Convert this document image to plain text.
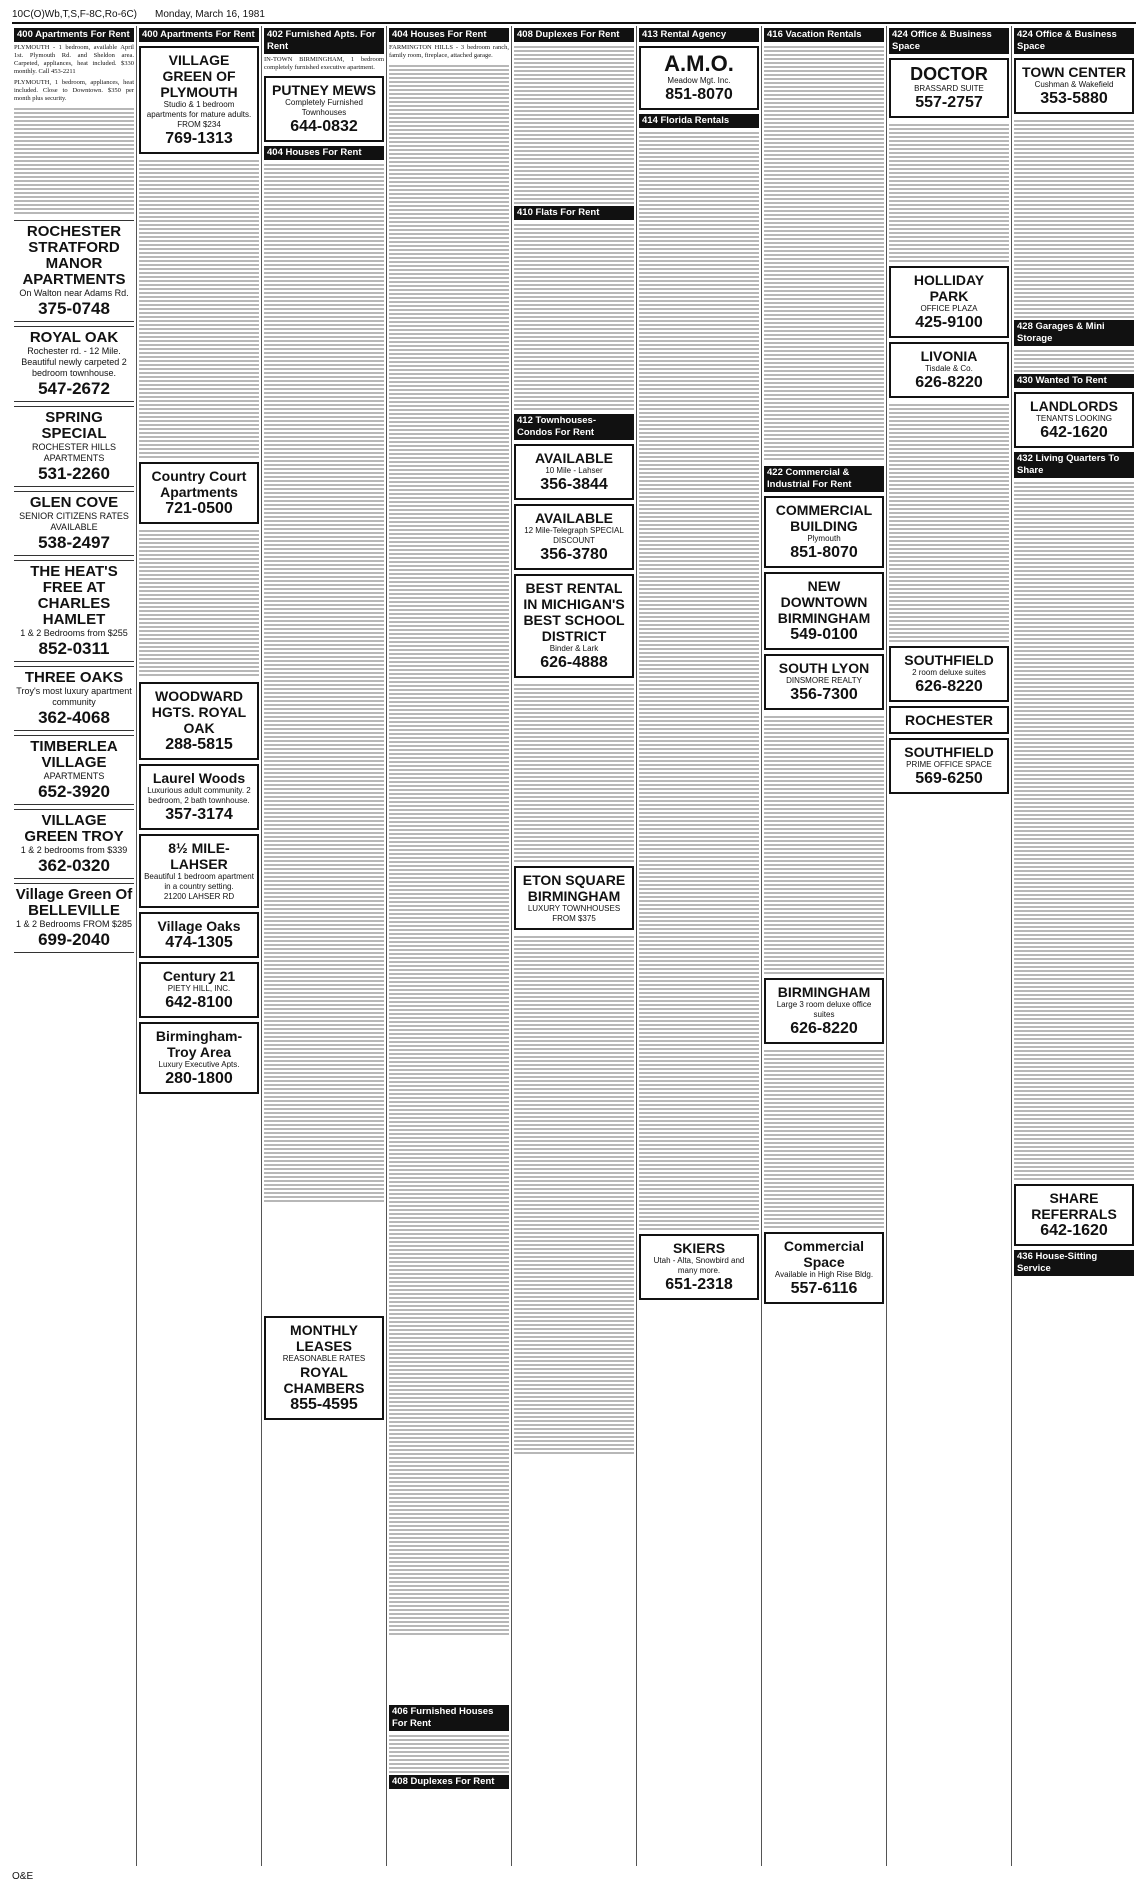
10C(O)Wb,T,S,F-8C,Ro-6C) Monday, March 16, 1981
400 Apartments For Rent
PLYMOUTH - 1 bedroom, available April 1st. Plymouth Rd. and Sheldon area. Carpeted, appliances, heat included. $330 monthly. Call 453-2211
PLYMOUTH, 1 bedroom, appliances, heat included. Close to Downtown. $350 per month plus security.
ROCHESTER STRATFORD MANOR APARTMENTS
On Walton near Adams Rd.
375-0748
ROYAL OAK
Rochester rd. - 12 Mile. Beautiful newly carpeted 2 bedroom townhouse.
547-2672
SPRING SPECIAL
ROCHESTER HILLS APARTMENTS
531-2260
GLEN COVE
SENIOR CITIZENS RATES AVAILABLE
538-2497
THE HEAT'S FREE AT CHARLES HAMLET
1 & 2 Bedrooms from $255
852-0311
THREE OAKS
Troy's most luxury apartment community
362-4068
TIMBERLEA VILLAGE
APARTMENTS
652-3920
VILLAGE GREEN TROY
1 & 2 bedrooms from $339
362-0320
Village Green Of BELLEVILLE
1 & 2 Bedrooms FROM $285
699-2040
400 Apartments For Rent
VILLAGE GREEN OF PLYMOUTH
Studio & 1 bedroom apartments for mature adults.
FROM $234
769-1313
Country Court Apartments
721-0500
WOODWARD HGTS. ROYAL OAK
288-5815
Laurel Woods
Luxurious adult community. 2 bedroom, 2 bath townhouse.
357-3174
8½ MILE-LAHSER
Beautiful 1 bedroom apartment in a country setting.
21200 LAHSER RD
Village Oaks
474-1305
Century 21
PIETY HILL, INC.
642-8100
Birmingham-Troy Area
Luxury Executive Apts.
280-1800
402 Furnished Apts. For Rent
IN-TOWN BIRMINGHAM, 1 bedroom completely furnished executive apartment.
PUTNEY MEWS
Completely Furnished Townhouses
644-0832
404 Houses For Rent
MONTHLY LEASES
REASONABLE RATES
ROYAL CHAMBERS
855-4595
404 Houses For Rent
FARMINGTON HILLS - 3 bedroom ranch, family room, fireplace, attached garage.
406 Furnished Houses For Rent
408 Duplexes For Rent
408 Duplexes For Rent
410 Flats For Rent
412 Townhouses-Condos For Rent
AVAILABLE
10 Mile - Lahser
356-3844
AVAILABLE
12 Mile-Telegraph SPECIAL DISCOUNT
356-3780
BEST RENTAL IN MICHIGAN'S BEST SCHOOL DISTRICT
Binder & Lark
626-4888
ETON SQUARE BIRMINGHAM
LUXURY TOWNHOUSES FROM $375
413 Rental Agency
A.M.O.
Meadow Mgt. Inc.
851-8070
414 Florida Rentals
SKIERS
Utah - Alta, Snowbird and many more.
651-2318
416 Vacation Rentals
422 Commercial & Industrial For Rent
COMMERCIAL BUILDING
Plymouth
851-8070
NEW DOWNTOWN BIRMINGHAM
549-0100
SOUTH LYON
DINSMORE REALTY
356-7300
BIRMINGHAM
Large 3 room deluxe office suites
626-8220
Commercial Space
Available in High Rise Bldg.
557-6116
424 Office & Business Space
DOCTOR
BRASSARD SUITE
557-2757
HOLLIDAY PARK
OFFICE PLAZA
425-9100
LIVONIA
Tisdale & Co.
626-8220
SOUTHFIELD
2 room deluxe suites
626-8220
ROCHESTER
SOUTHFIELD
PRIME OFFICE SPACE
569-6250
424 Office & Business Space
TOWN CENTER
Cushman & Wakefield
353-5880
428 Garages & Mini Storage
430 Wanted To Rent
LANDLORDS
TENANTS LOOKING
642-1620
432 Living Quarters To Share
SHARE REFERRALS
642-1620
436 House-Sitting Service
O&E
